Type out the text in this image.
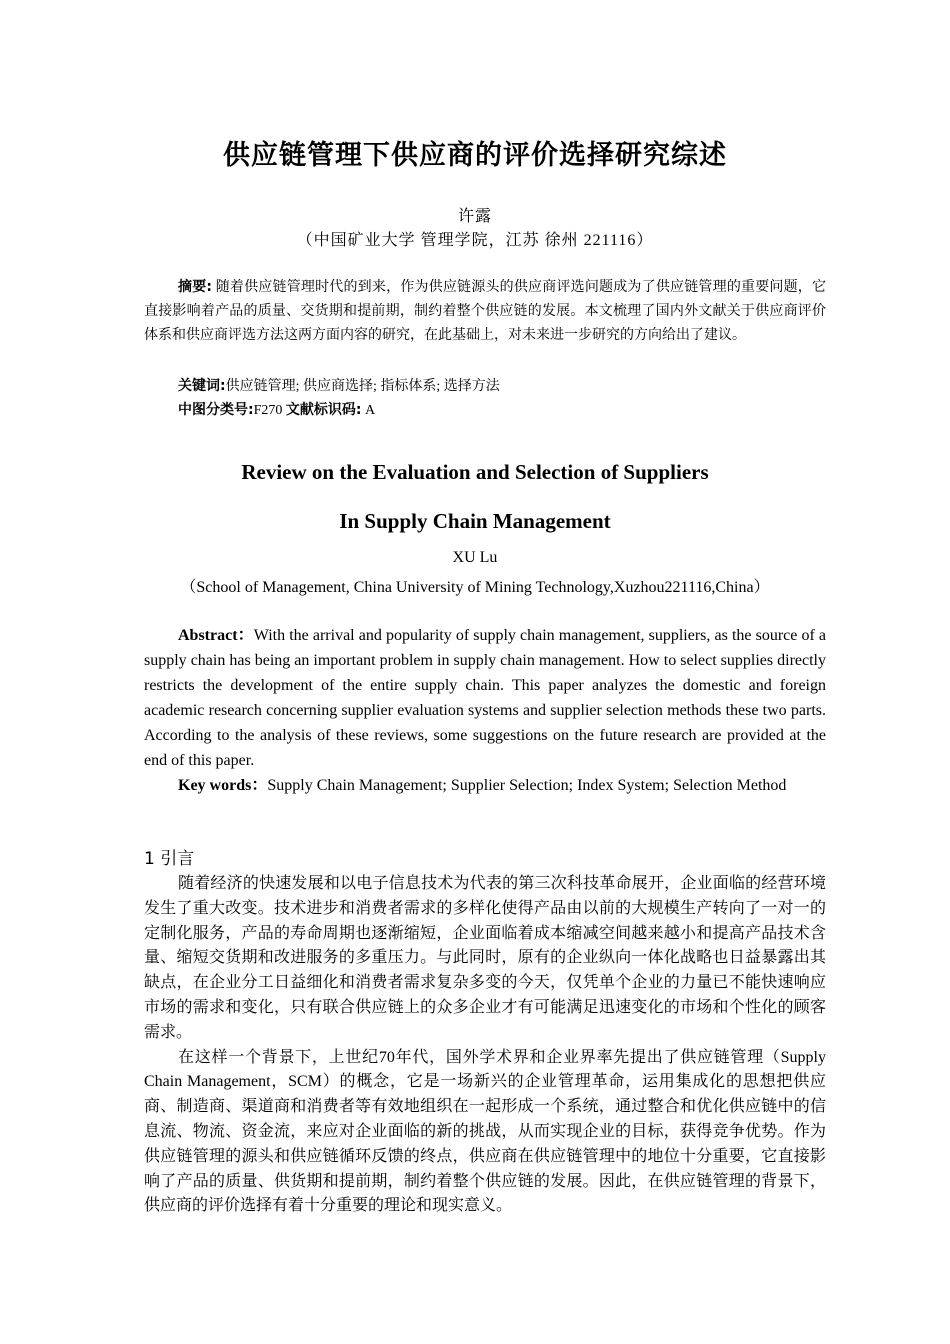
供应链管理下供应商的评价选择研究综述
许露
（中国矿业大学 管理学院，江苏 徐州 221116）

摘要: 随着供应链管理时代的到来，作为供应链源头的供应商评选问题成为了供应链管理的重要问题，它直接影响着产品的质量、交货期和提前期，制约着整个供应链的发展。本文梳理了国内外文献关于供应商评价体系和供应商评选方法这两方面内容的研究，在此基础上，对未来进一步研究的方向给出了建议。

关键词:供应链管理; 供应商选择; 指标体系; 选择方法
中图分类号:F270 文献标识码: A
Review on the Evaluation and Selection of Suppliers
In Supply Chain Management
XU Lu
（School of Management, China University of Mining Technology,Xuzhou221116,China）

Abstract：With the arrival and popularity of supply chain management, suppliers, as the source of a supply chain has being an important problem in supply chain management. How to select supplies directly restricts the development of the entire supply chain. This paper analyzes the domestic and foreign academic research concerning supplier evaluation systems and supplier selection methods these two parts. According to the analysis of these reviews, some suggestions on the future research are provided at the end of this paper.

Key words：Supply Chain Management; Supplier Selection; Index System; Selection Method
1 引言

随着经济的快速发展和以电子信息技术为代表的第三次科技革命展开，企业面临的经营环境发生了重大改变。技术进步和消费者需求的多样化使得产品由以前的大规模生产转向了一对一的定制化服务，产品的寿命周期也逐渐缩短，企业面临着成本缩减空间越来越小和提高产品技术含量、缩短交货期和改进服务的多重压力。与此同时，原有的企业纵向一体化战略也日益暴露出其缺点，在企业分工日益细化和消费者需求复杂多变的今天，仅凭单个企业的力量已不能快速响应市场的需求和变化，只有联合供应链上的众多企业才有可能满足迅速变化的市场和个性化的顾客需求。

在这样一个背景下，上世纪70年代，国外学术界和企业界率先提出了供应链管理（Supply Chain Management，SCM）的概念，它是一场新兴的企业管理革命，运用集成化的思想把供应商、制造商、渠道商和消费者等有效地组织在一起形成一个系统，通过整合和优化供应链中的信息流、物流、资金流，来应对企业面临的新的挑战，从而实现企业的目标，获得竞争优势。作为供应链管理的源头和供应链循环反馈的终点，供应商在供应链管理中的地位十分重要，它直接影响了产品的质量、供货期和提前期，制约着整个供应链的发展。因此，在供应链管理的背景下，供应商的评价选择有着十分重要的理论和现实意义。
